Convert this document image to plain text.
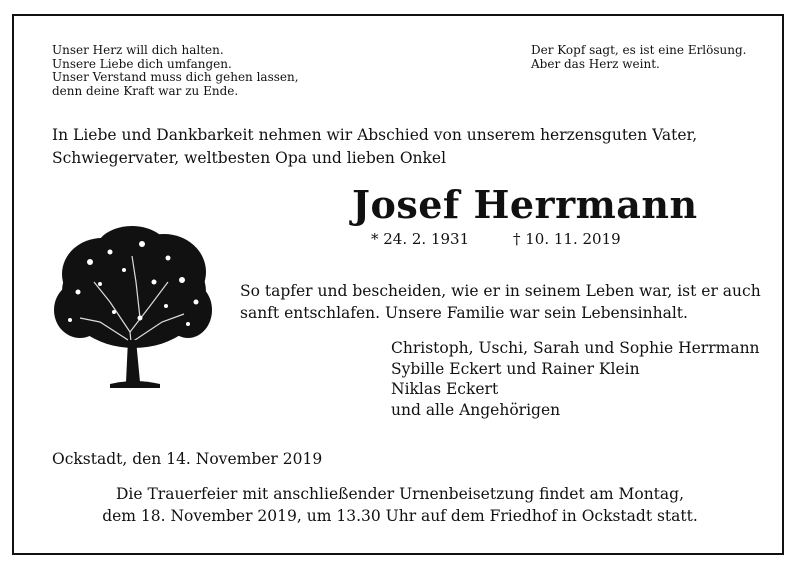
Unser Herz will dich halten.
Unsere Liebe dich umfangen.
Unser Verstand muss dich gehen lassen,
denn deine Kraft war zu Ende.
Der Kopf sagt, es ist eine Erlösung.
Aber das Herz weint.
In Liebe und Dankbarkeit nehmen wir Abschied von unserem herzensguten Vater,
Schwiegervater, weltbesten Opa und lieben Onkel
Josef Herrmann
* 24. 2. 1931	† 10. 11. 2019
So tapfer und bescheiden, wie er in seinem Leben war, ist er auch
sanft entschlafen. Unsere Familie war sein Lebensinhalt.
Christoph, Uschi, Sarah und Sophie Herrmann
Sybille Eckert und Rainer Klein
Niklas Eckert
und alle Angehörigen
Ockstadt, den 14. November 2019
Die Trauerfeier mit anschließender Urnenbeisetzung findet am Montag,
dem 18. November 2019, um 13.30 Uhr auf dem Friedhof in Ockstadt statt.
